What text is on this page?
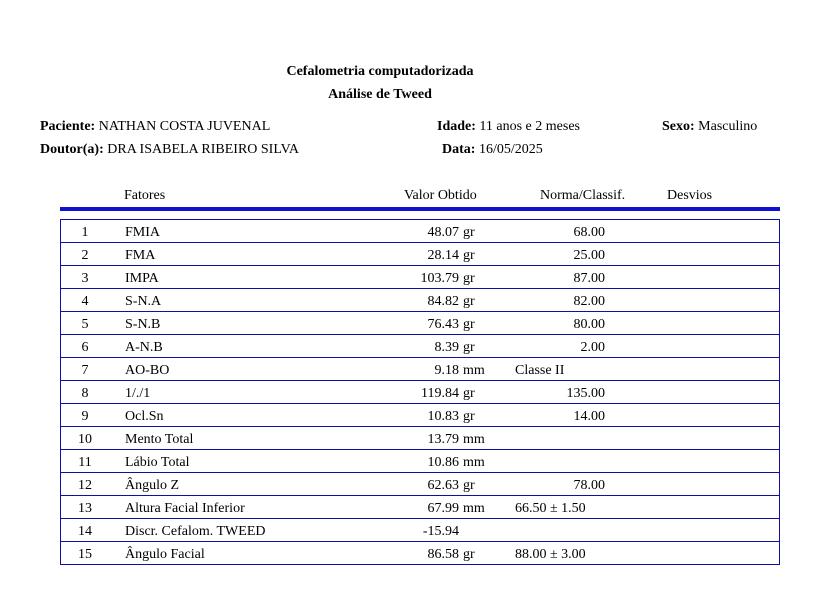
Cefalometria computadorizada
Análise de Tweed
Paciente: NATHAN COSTA JUVENAL
Doutor(a): DRA ISABELA RIBEIRO SILVA
Idade: 11 anos e 2 meses
Data: 16/05/2025
Sexo: Masculino
Fatores	Valor Obtido	Norma/Classif.	Desvios
1	FMIA	48.07 gr	68.00	
2	FMA	28.14 gr	25.00	
3	IMPA	103.79 gr	87.00	
4	S-N.A	84.82 gr	82.00	
5	S-N.B	76.43 gr	80.00	
6	A-N.B	8.39 gr	2.00	
7	AO-BO	9.18 mm	Classe II	
8	1/./1	119.84 gr	135.00	
9	Ocl.Sn	10.83 gr	14.00	
10	Mento Total	13.79 mm		

11	Lábio Total	10.86 mm		

12	Ângulo Z	62.63 gr	78.00	
13	Altura Facial Inferior	67.99 mm	66.50 ± 1.50	
14	Discr. Cefalom. TWEED	-15.94		

15	Ângulo Facial	86.58 gr	88.00 ± 3.00	
